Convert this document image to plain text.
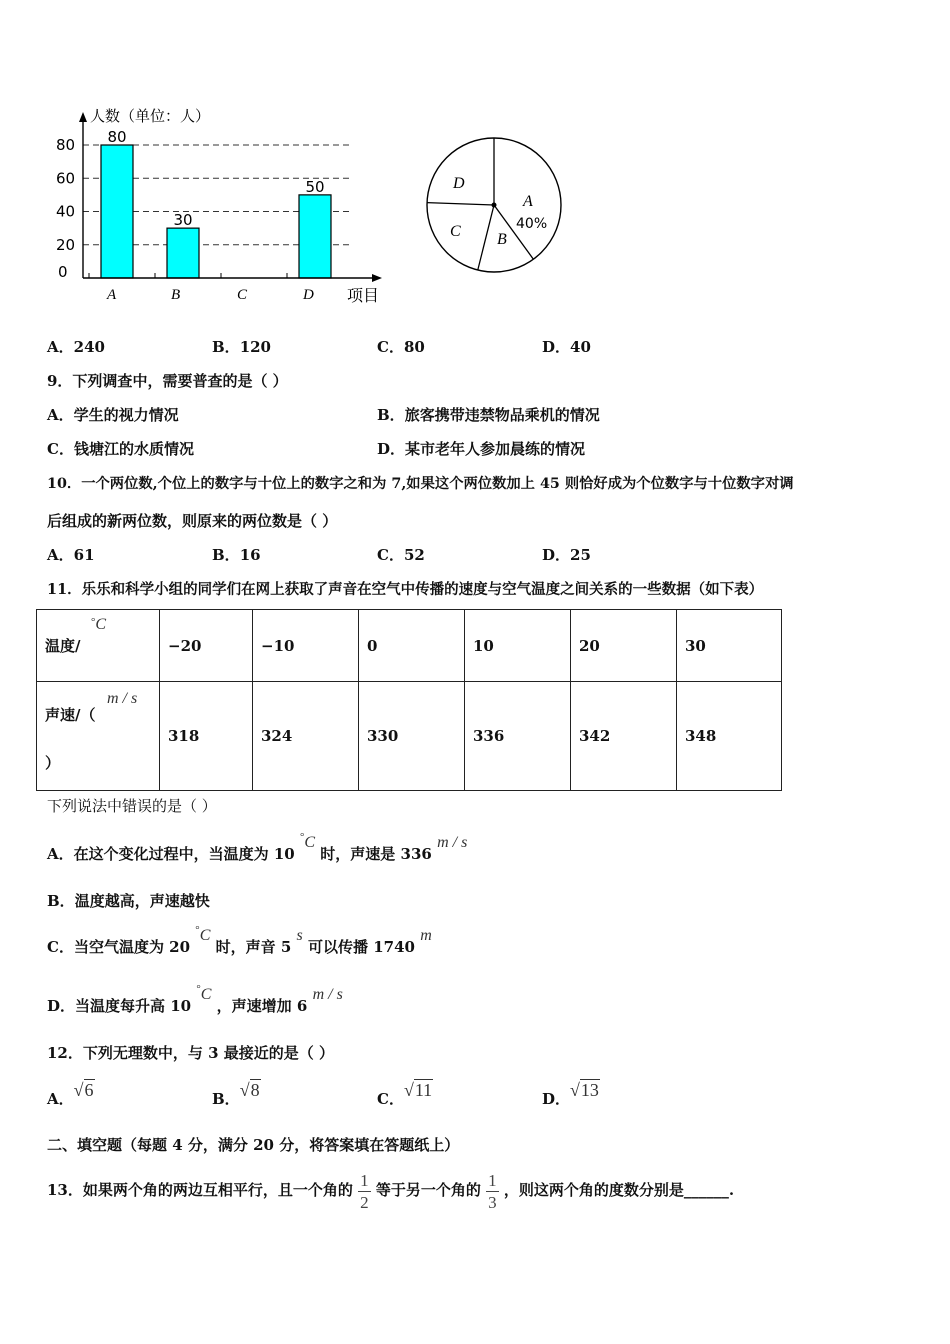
80
A
30
B	C
50
D
0
20
40
60
80
人数（单位：人）
项目
A
B
C
D
40%
A．240	B．120	C．80	D．40
9．下列调查中，需要普查的是（ ）
A．学生的视力情况	B．旅客携带违禁物品乘机的情况
C．钱塘江的水质情况	D．某市老年人参加晨练的情况
10．一个两位数,个位上的数字与十位上的数字之和为 7,如果这个两位数加上 45 则恰好成为个位数字与十位数字对调
后组成的新两位数，则原来的两位数是（ ）
A．61	B．16	C．52	D．25
11．乐乐和科学小组的同学们在网上获取了声音在空气中传播的速度与空气温度之间关系的一些数据（如下表）
温度/
°C	−20	−10	0	10	20	30

声速/（
m / s
）	318	324	330	336	342	348
下列说法中错误的是（ ）
A．在这个变化过程中，当温度为 10 °C 时，声速是 336 m / s
B．温度越高，声速越快
C．当空气温度为 20 °C 时，声音 5 s 可以传播 1740 m
D．当温度每升高 10 °C ，声速增加 6 m / s
12．下列无理数中，与 3 最接近的是（ ）
A．√6	B．√8	C．√11	D．√13
二、填空题（每题 4 分，满分 20 分，将答案填在答题纸上）
13．如果两个角的两边互相平行，且一个角的 $\frac{1}{2}$ 等于另一个角的 $\frac{1}{3}$ ，则这两个角的度数分别是______.
